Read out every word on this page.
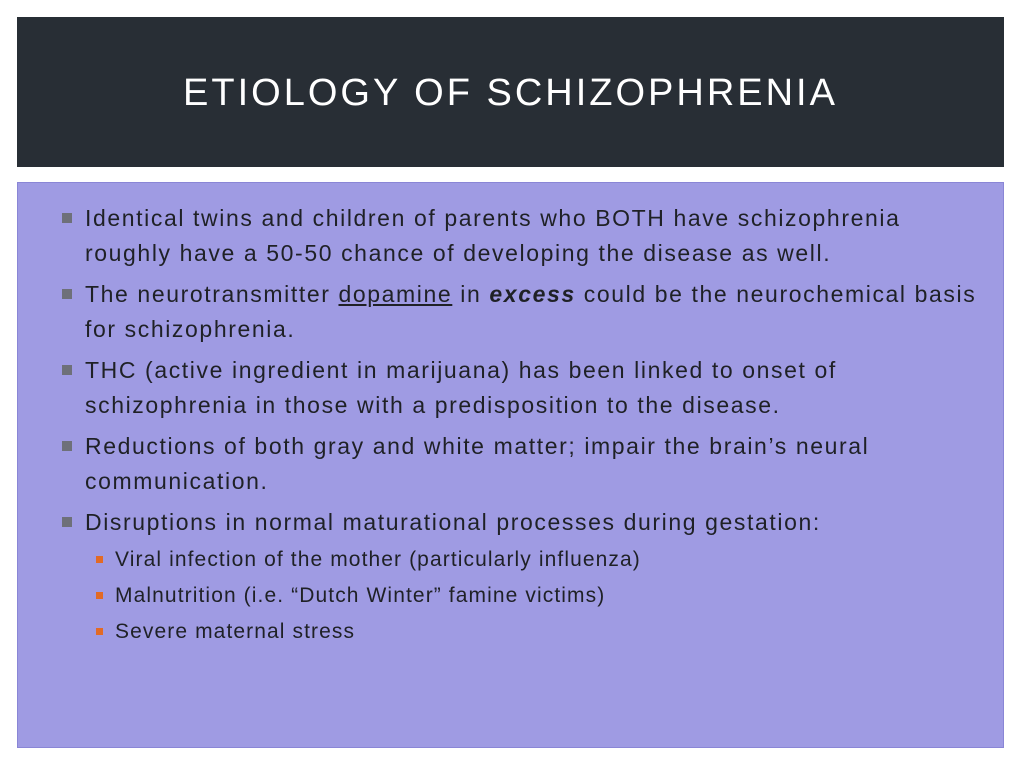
ETIOLOGY OF SCHIZOPHRENIA
Identical twins and children of parents who BOTH have schizophrenia roughly have a 50-50 chance of developing the disease as well.
The neurotransmitter dopamine in excess could be the neurochemical basis for schizophrenia.
THC (active ingredient in marijuana) has been linked to onset of schizophrenia in those with a predisposition to the disease.
Reductions of both gray and white matter; impair the brain’s neural communication.
Disruptions in normal maturational processes during gestation:
Viral infection of the mother (particularly influenza)
Malnutrition (i.e. “Dutch Winter” famine victims)
Severe maternal stress
